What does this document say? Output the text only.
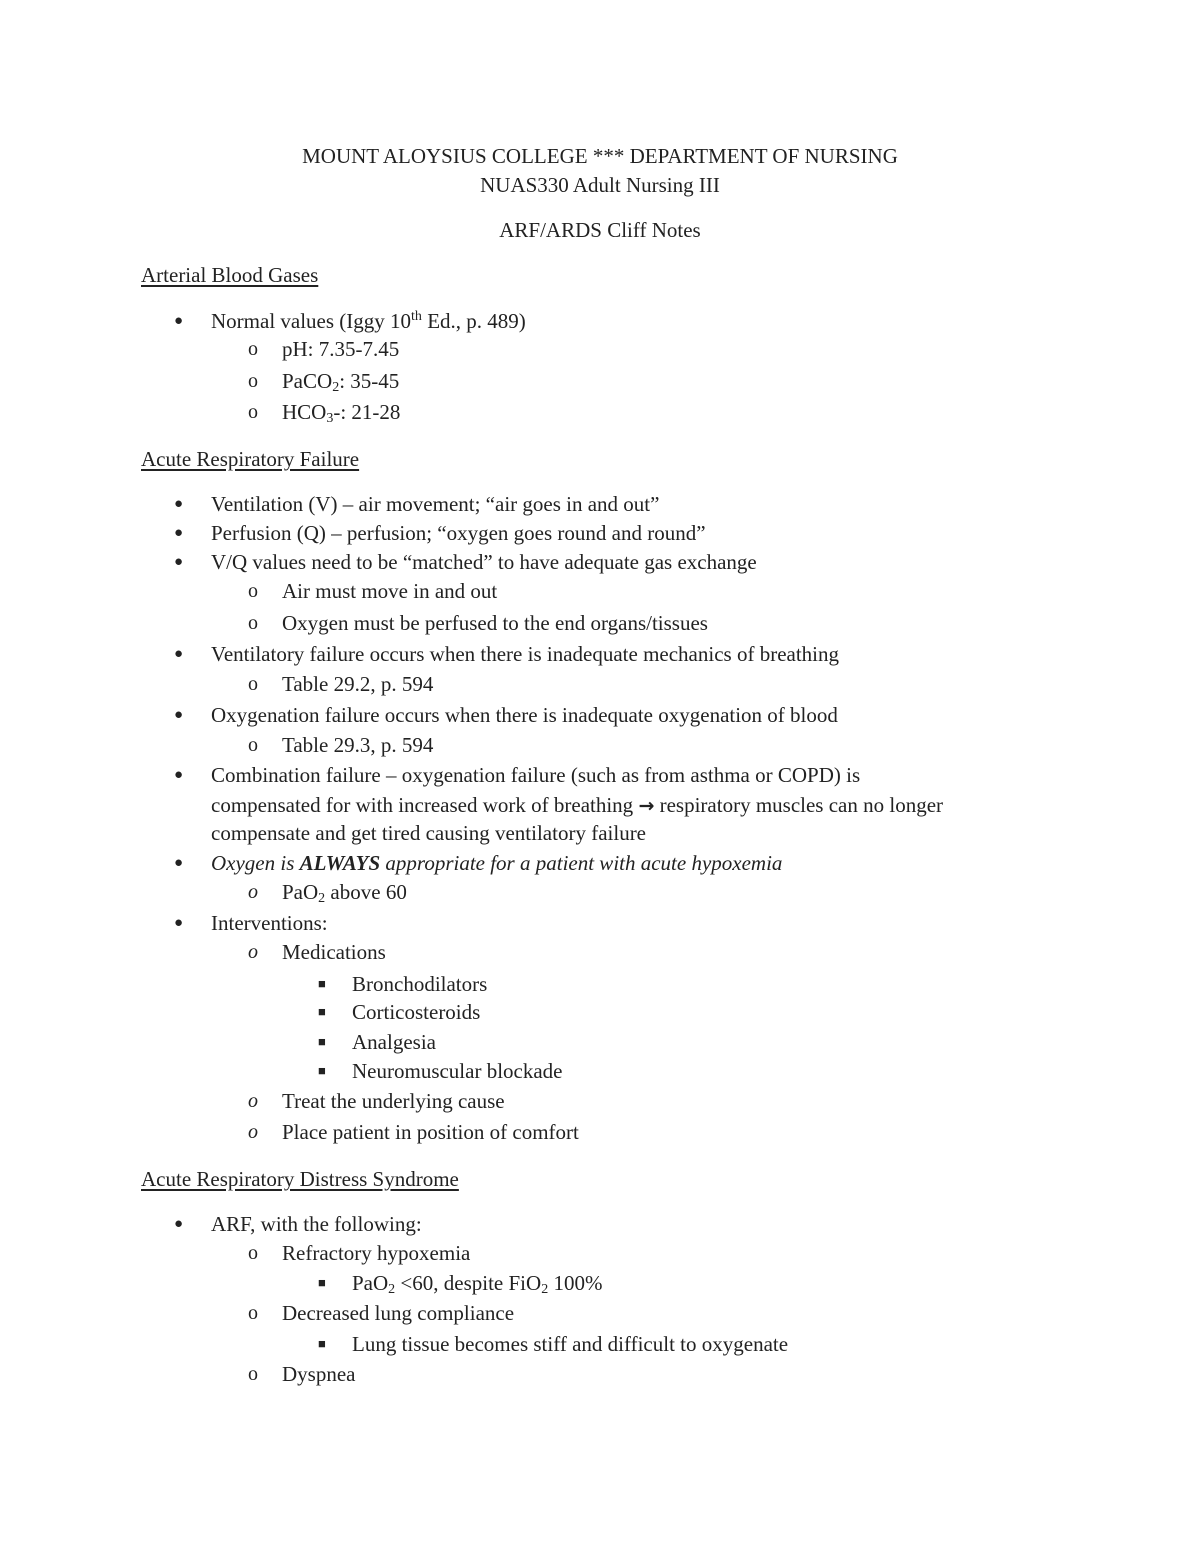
MOUNT ALOYSIUS COLLEGE *** DEPARTMENT OF NURSING
NUAS330 Adult Nursing III
ARF/ARDS Cliff Notes
Arterial Blood Gases
● Normal values (Iggy 10th Ed., p. 489)
o pH: 7.35-7.45
o PaCO$_2$: 35-45
o $HCO_3-$: 21-28
Acute Respiratory Failure
● Ventilation (V) – air movement; “air goes in and out”
● Perfusion (Q) – perfusion; “oxygen goes round and round”
● V/Q values need to be “matched” to have adequate gas exchange
o Air must move in and out
o Oxygen must be perfused to the end organs/tissues
● Ventilatory failure occurs when there is inadequate mechanics of breathing
o Table 29.2, p. 594
● Oxygenation failure occurs when there is inadequate oxygenation of blood
o Table 29.3, p. 594
● Combination failure – oxygenation failure (such as from asthma or COPD) is
compensated for with increased work of breathing → respiratory muscles can no longer
compensate and get tired causing ventilatory failure
● Oxygen is ALWAYS appropriate for a patient with acute hypoxemia
o PaO$_2$ above 60
● Interventions:
o Medications
■ Bronchodilators
■ Corticosteroids
■ Analgesia
■ Neuromuscular blockade
o Treat the underlying cause
o Place patient in position of comfort
Acute Respiratory Distress Syndrome
● ARF, with the following:
o Refractory hypoxemia
■ PaO$_2$ <60, despite FiO$_2$ 100%
o Decreased lung compliance
■ Lung tissue becomes stiff and difficult to oxygenate
o Dyspnea
